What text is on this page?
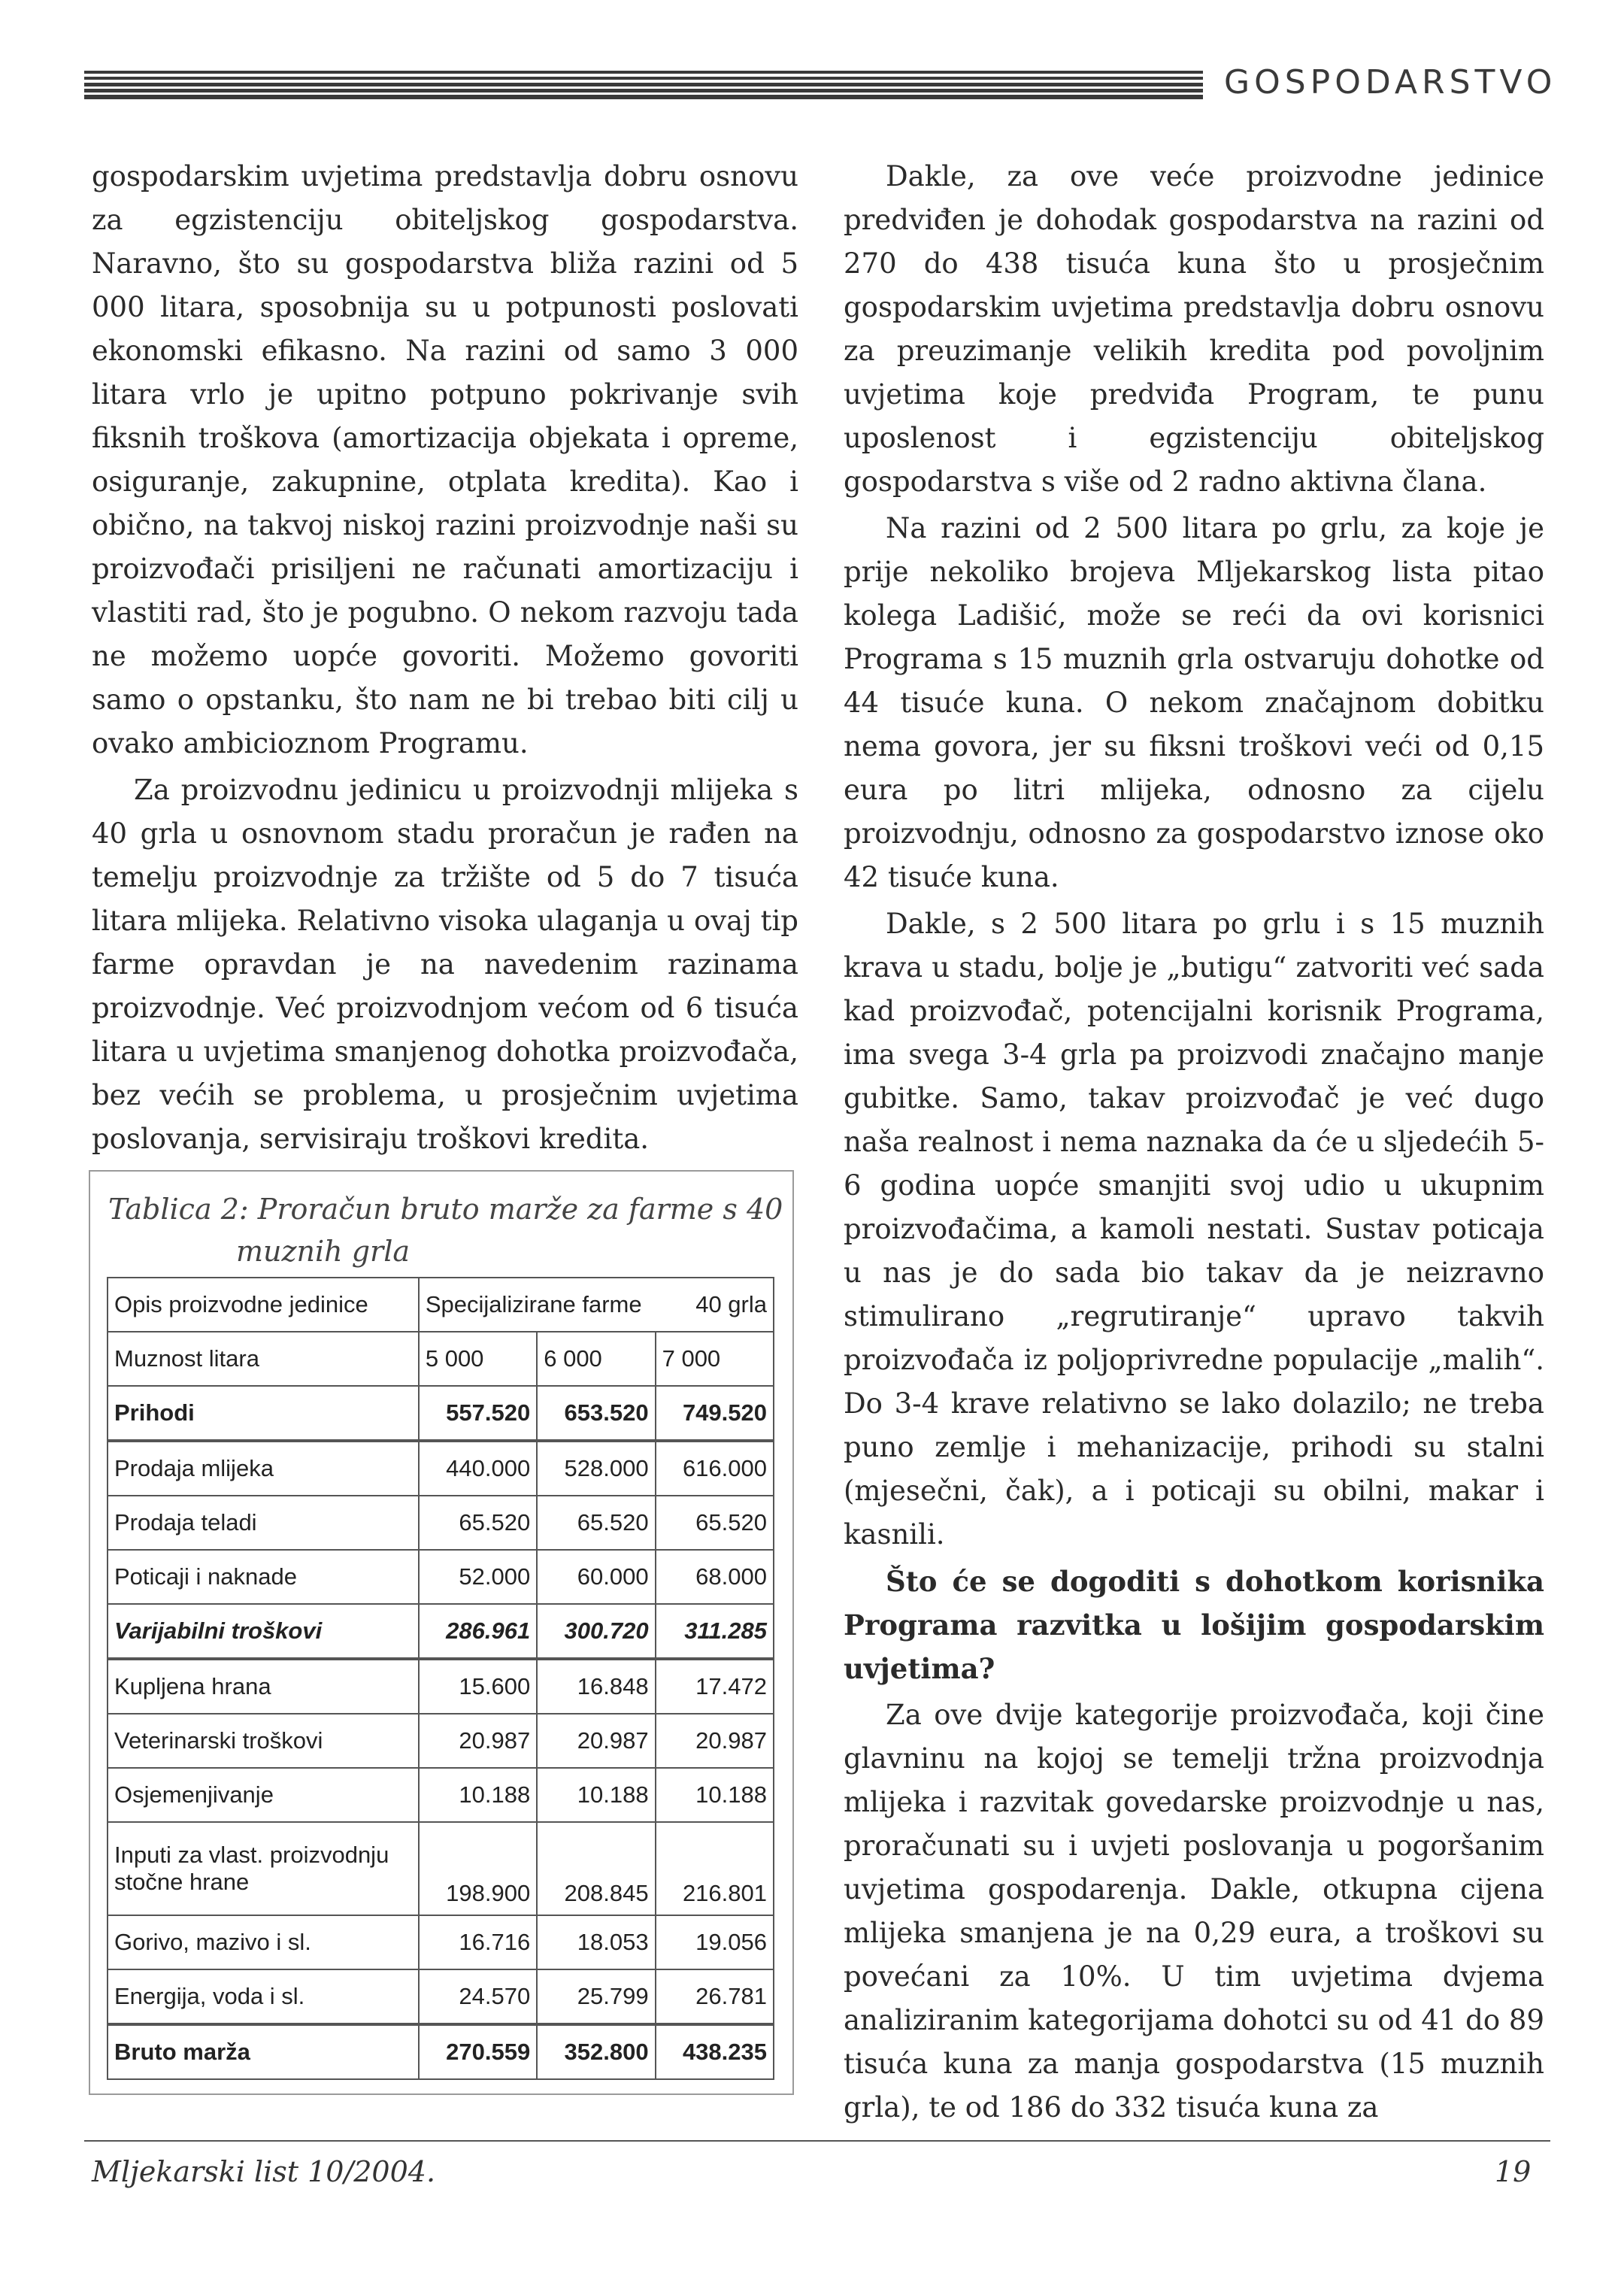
GOSPODARSTVO

gospodarskim uvjetima predstavlja dobru osnovu za egzistenciju obiteljskog gospodarstva. Naravno, što su gospodarstva bliža razini od 5 000 litara, sposobnija su u potpunosti poslovati ekonomski efikasno. Na razini od samo 3 000 litara vrlo je upitno potpuno pokrivanje svih fiksnih troškova (amortizacija objekata i opreme, osiguranje, zakupnine, otplata kredita). Kao i obično, na takvoj niskoj razini proizvodnje naši su proizvođači prisiljeni ne računati amortizaciju i vlastiti rad, što je pogubno. O nekom razvoju tada ne možemo uopće govoriti. Možemo govoriti samo o opstanku, što nam ne bi trebao biti cilj u ovako ambicioznom Programu.

Za proizvodnu jedinicu u proizvodnji mlijeka s 40 grla u osnovnom stadu proračun je rađen na temelju proizvodnje za tržište od 5 do 7 tisuća litara mlijeka. Relativno visoka ulaganja u ovaj tip farme opravdan je na navedenim razinama proizvodnje. Već proizvodnjom većom od 6 tisuća litara u uvjetima smanjenog dohotka proizvođača, bez većih se problema, u prosječnim uvjetima poslovanja, servisiraju troškovi kredita.

Tablica 2: Proračun bruto marže za farme s 40
muznih grla
Opis proizvodne jedinice	Specijalizirane farme 40 grla		

Muznost litara	5 000	6 000	7 000
Prihodi	557.520	653.520	749.520
Prodaja mlijeka	440.000	528.000	616.000
Prodaja teladi	65.520	65.520	65.520
Poticaji i naknade	52.000	60.000	68.000
Varijabilni troškovi	286.961	300.720	311.285
Kupljena hrana	15.600	16.848	17.472
Veterinarski troškovi	20.987	20.987	20.987
Osjemenjivanje	10.188	10.188	10.188
Inputi za vlast. proizvodnju
stočne hrane	198.900	208.845	216.801
Gorivo, mazivo i sl.	16.716	18.053	19.056
Energija, voda i sl.	24.570	25.799	26.781
Bruto marža	270.559	352.800	438.235

Dakle, za ove veće proizvodne jedinice predviđen je dohodak gospodarstva na razini od 270 do 438 tisuća kuna što u prosječnim gospodarskim uvjetima predstavlja dobru osnovu za preuzimanje velikih kredita pod povoljnim uvjetima koje predviđa Program, te punu uposlenost i egzistenciju obiteljskog gospodarstva s više od 2 radno aktivna člana.

Na razini od 2 500 litara po grlu, za koje je prije nekoliko brojeva Mljekarskog lista pitao kolega Ladišić, može se reći da ovi korisnici Programa s 15 muznih grla ostvaruju dohotke od 44 tisuće kuna. O nekom značajnom dobitku nema govora, jer su fiksni troškovi veći od 0,15 eura po litri mlijeka, odnosno za cijelu proizvodnju, odnosno za gospodarstvo iznose oko 42 tisuće kuna.

Dakle, s 2 500 litara po grlu i s 15 muznih krava u stadu, bolje je „butigu“ zatvoriti već sada kad proizvođač, potencijalni korisnik Programa, ima svega 3-4 grla pa proizvodi značajno manje gubitke. Samo, takav proizvođač je već dugo naša realnost i nema naznaka da će u sljedećih 5-6 godina uopće smanjiti svoj udio u ukupnim proizvođačima, a kamoli nestati. Sustav poticaja u nas je do sada bio takav da je neizravno stimulirano „regrutiranje“ upravo takvih proizvođača iz poljoprivredne populacije „malih“. Do 3-4 krave relativno se lako dolazilo; ne treba puno zemlje i mehanizacije, prihodi su stalni (mjesečni, čak), a i poticaji su obilni, makar i kasnili.

Što će se dogoditi s dohotkom korisnika Programa razvitka u lošijim gospodarskim uvjetima?

Za ove dvije kategorije proizvođača, koji čine glavninu na kojoj se temelji tržna proizvodnja mlijeka i razvitak govedarske proizvodnje u nas, proračunati su i uvjeti poslovanja u pogoršanim uvjetima gospodarenja. Dakle, otkupna cijena mlijeka smanjena je na 0,29 eura, a troškovi su povećani za 10%. U tim uvjetima dvjema analiziranim kategorijama dohotci su od 41 do 89 tisuća kuna za manja gospodarstva (15 muznih grla), te od 186 do 332 tisuća kuna za

Mljekarski list 10/2004.	19
